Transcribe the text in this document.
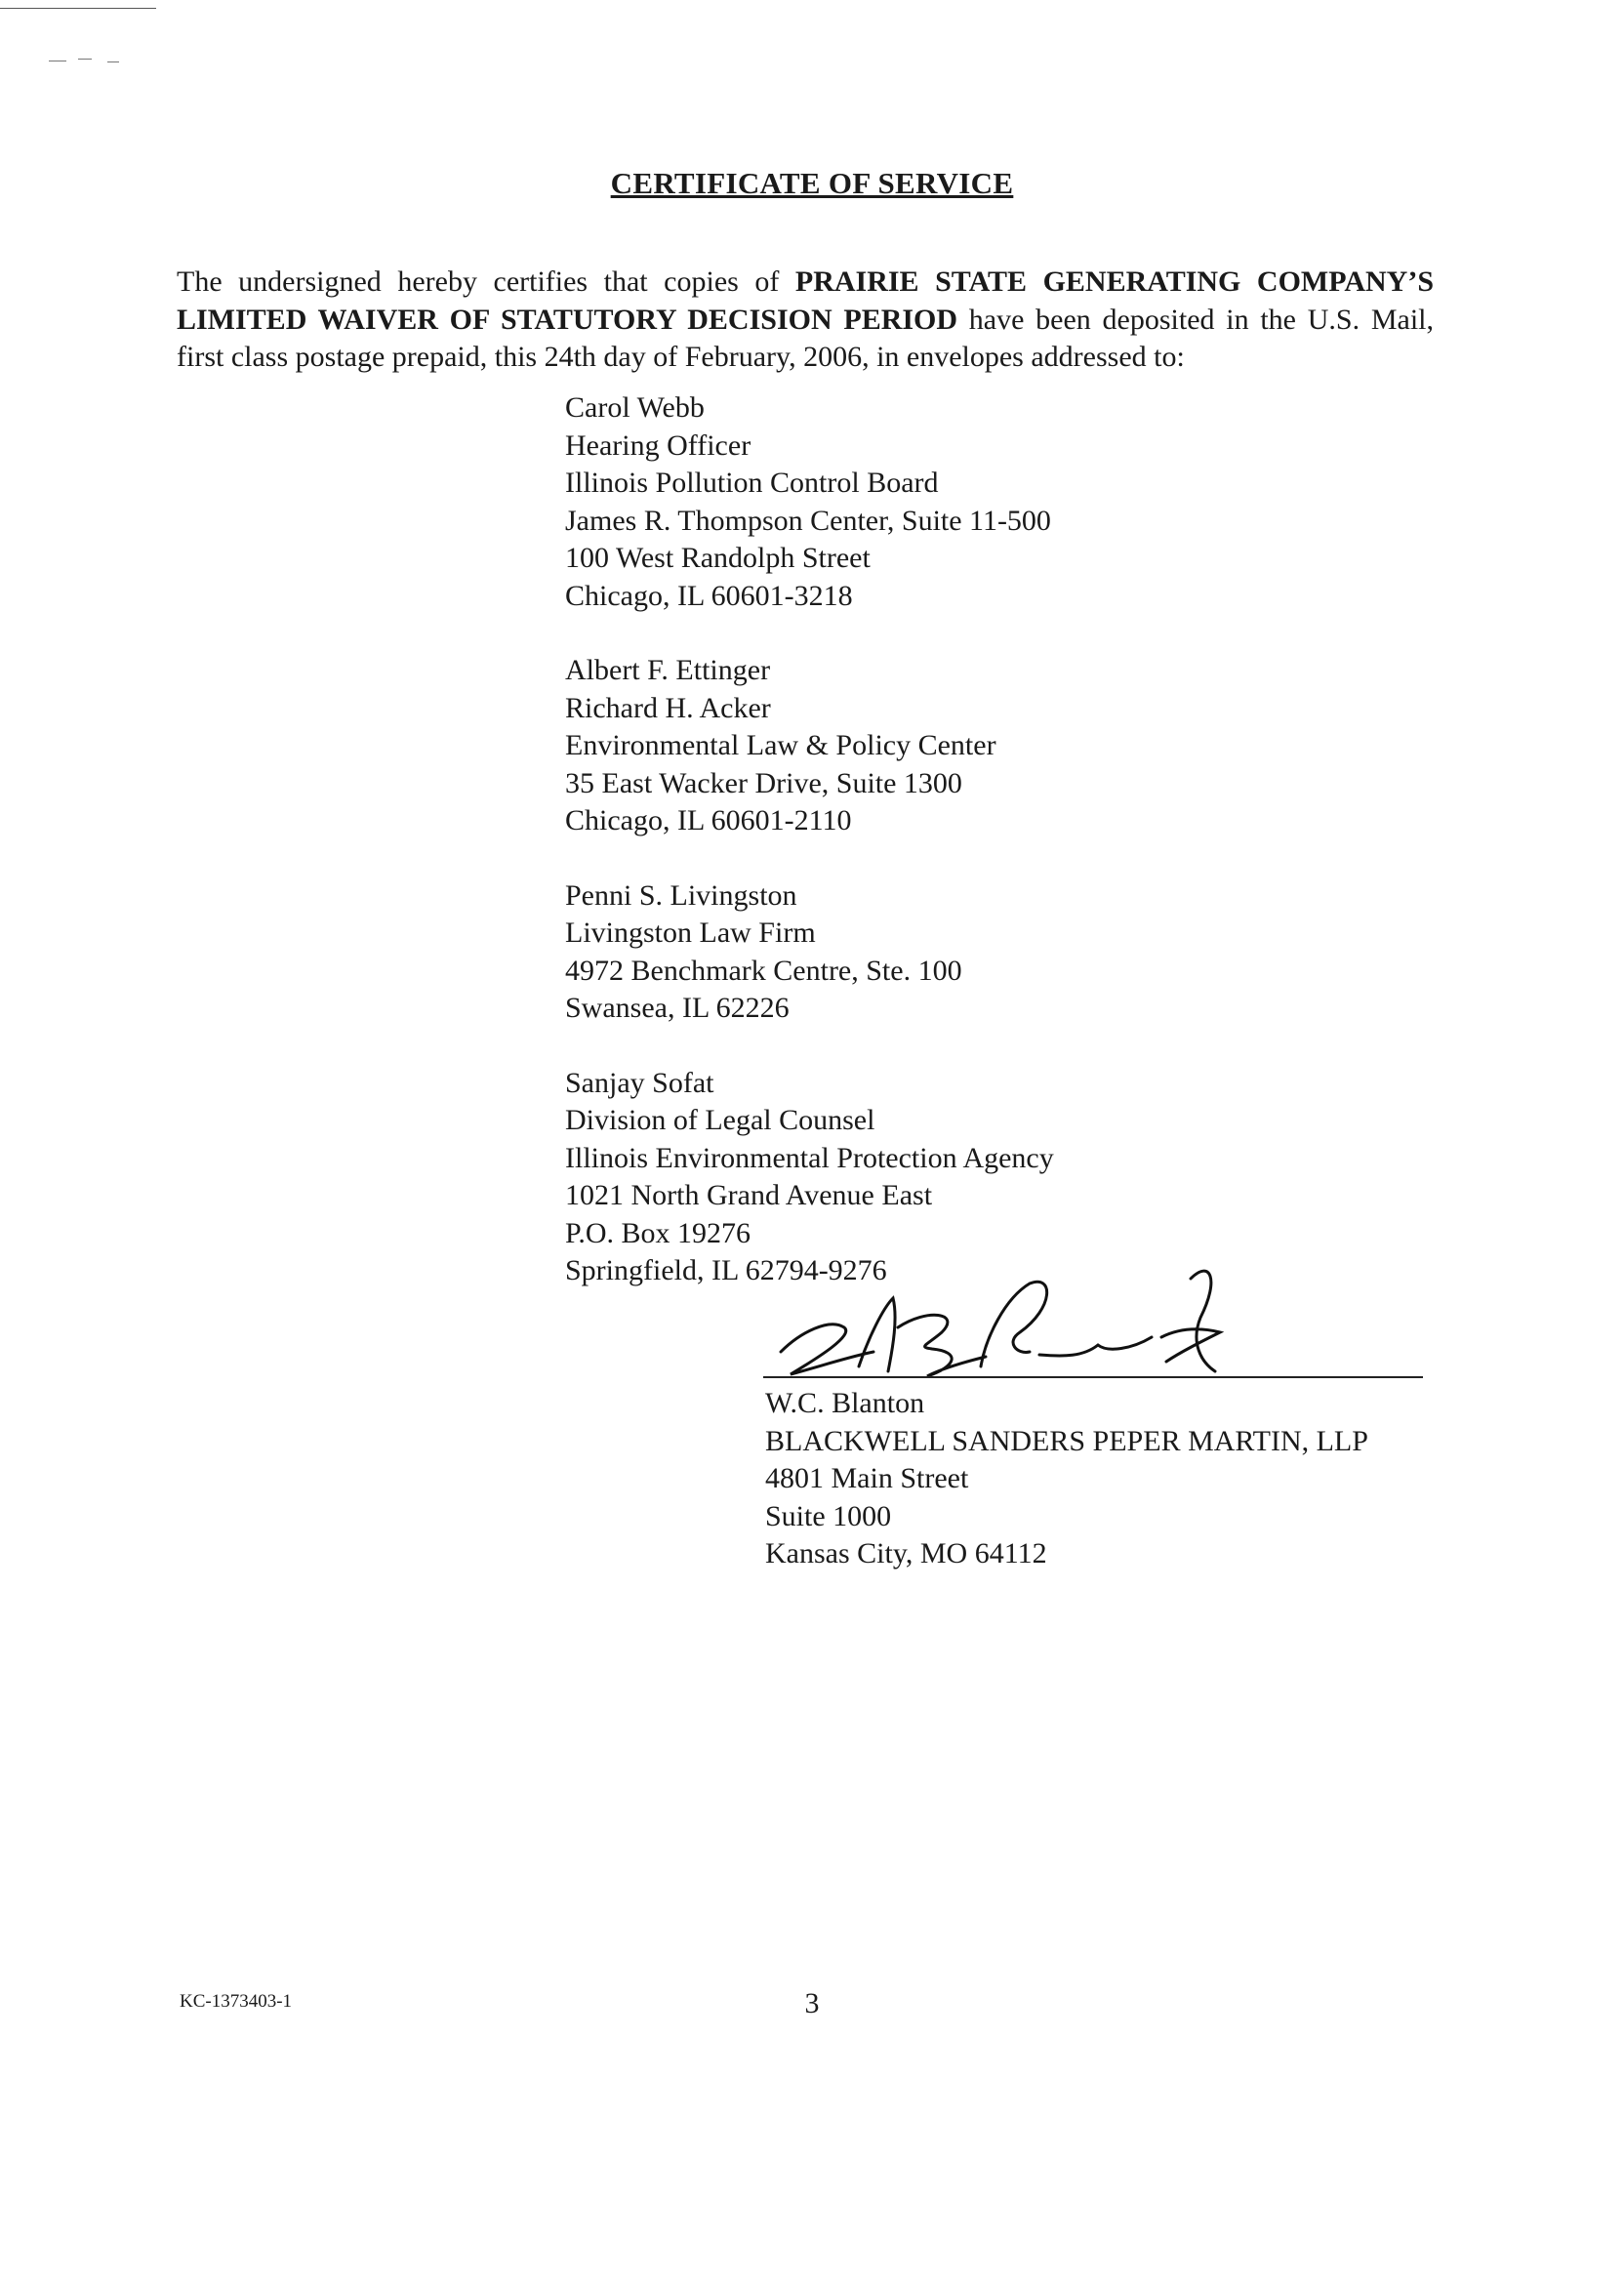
CERTIFICATE OF SERVICE

The undersigned hereby certifies that copies of PRAIRIE STATE GENERATING COMPANY’S LIMITED WAIVER OF STATUTORY DECISION PERIOD have been deposited in the U.S. Mail, first class postage prepaid, this 24th day of February, 2006, in envelopes addressed to:

Carol Webb
Hearing Officer
Illinois Pollution Control Board
James R. Thompson Center, Suite 11-500
100 West Randolph Street
Chicago, IL 60601-3218
Albert F. Ettinger
Richard H. Acker
Environmental Law & Policy Center
35 East Wacker Drive, Suite 1300
Chicago, IL 60601-2110
Penni S. Livingston
Livingston Law Firm
4972 Benchmark Centre, Ste. 100
Swansea, IL 62226
Sanjay Sofat
Division of Legal Counsel
Illinois Environmental Protection Agency
1021 North Grand Avenue East
P.O. Box 19276
Springfield, IL 62794-9276
W.C. Blanton
BLACKWELL SANDERS PEPER MARTIN, LLP
4801 Main Street
Suite 1000
Kansas City, MO 64112
KC-1373403-1	3
